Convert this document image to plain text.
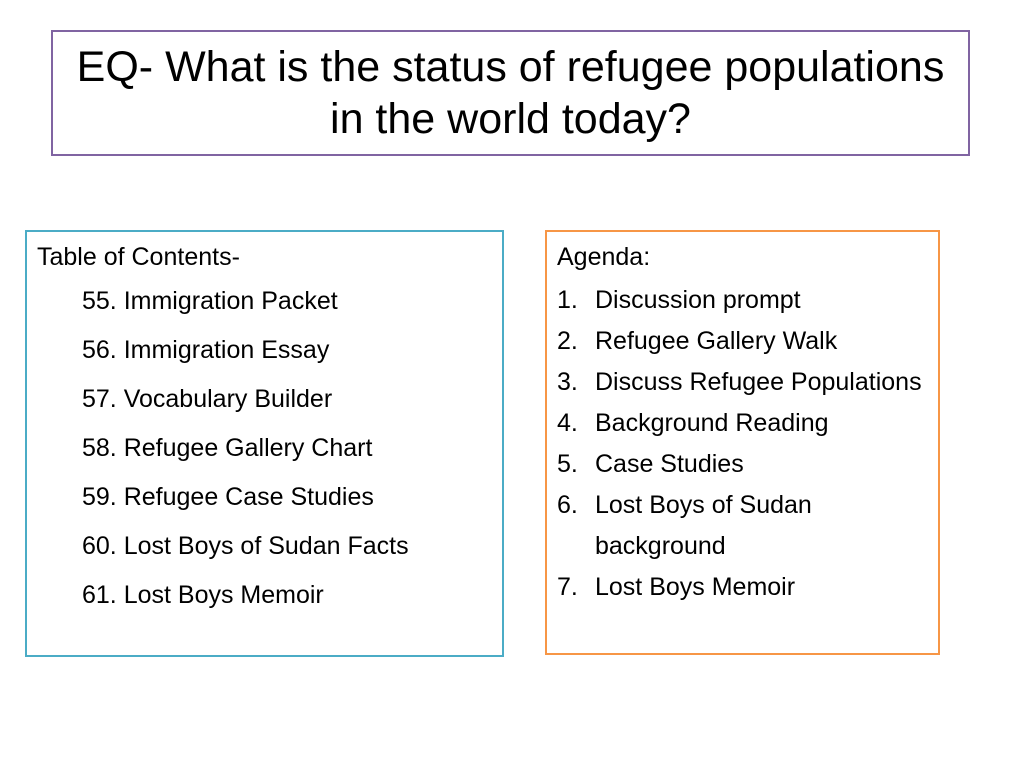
EQ- What is the status of refugee populations in the world today?
Table of Contents-
55. Immigration Packet
56. Immigration Essay
57. Vocabulary Builder
58. Refugee Gallery Chart
59. Refugee Case Studies
60. Lost Boys of Sudan Facts
61. Lost Boys Memoir
Agenda:
1. Discussion prompt
2. Refugee Gallery Walk
3. Discuss Refugee Populations
4. Background Reading
5. Case Studies
6. Lost Boys of Sudan background
7. Lost Boys Memoir
